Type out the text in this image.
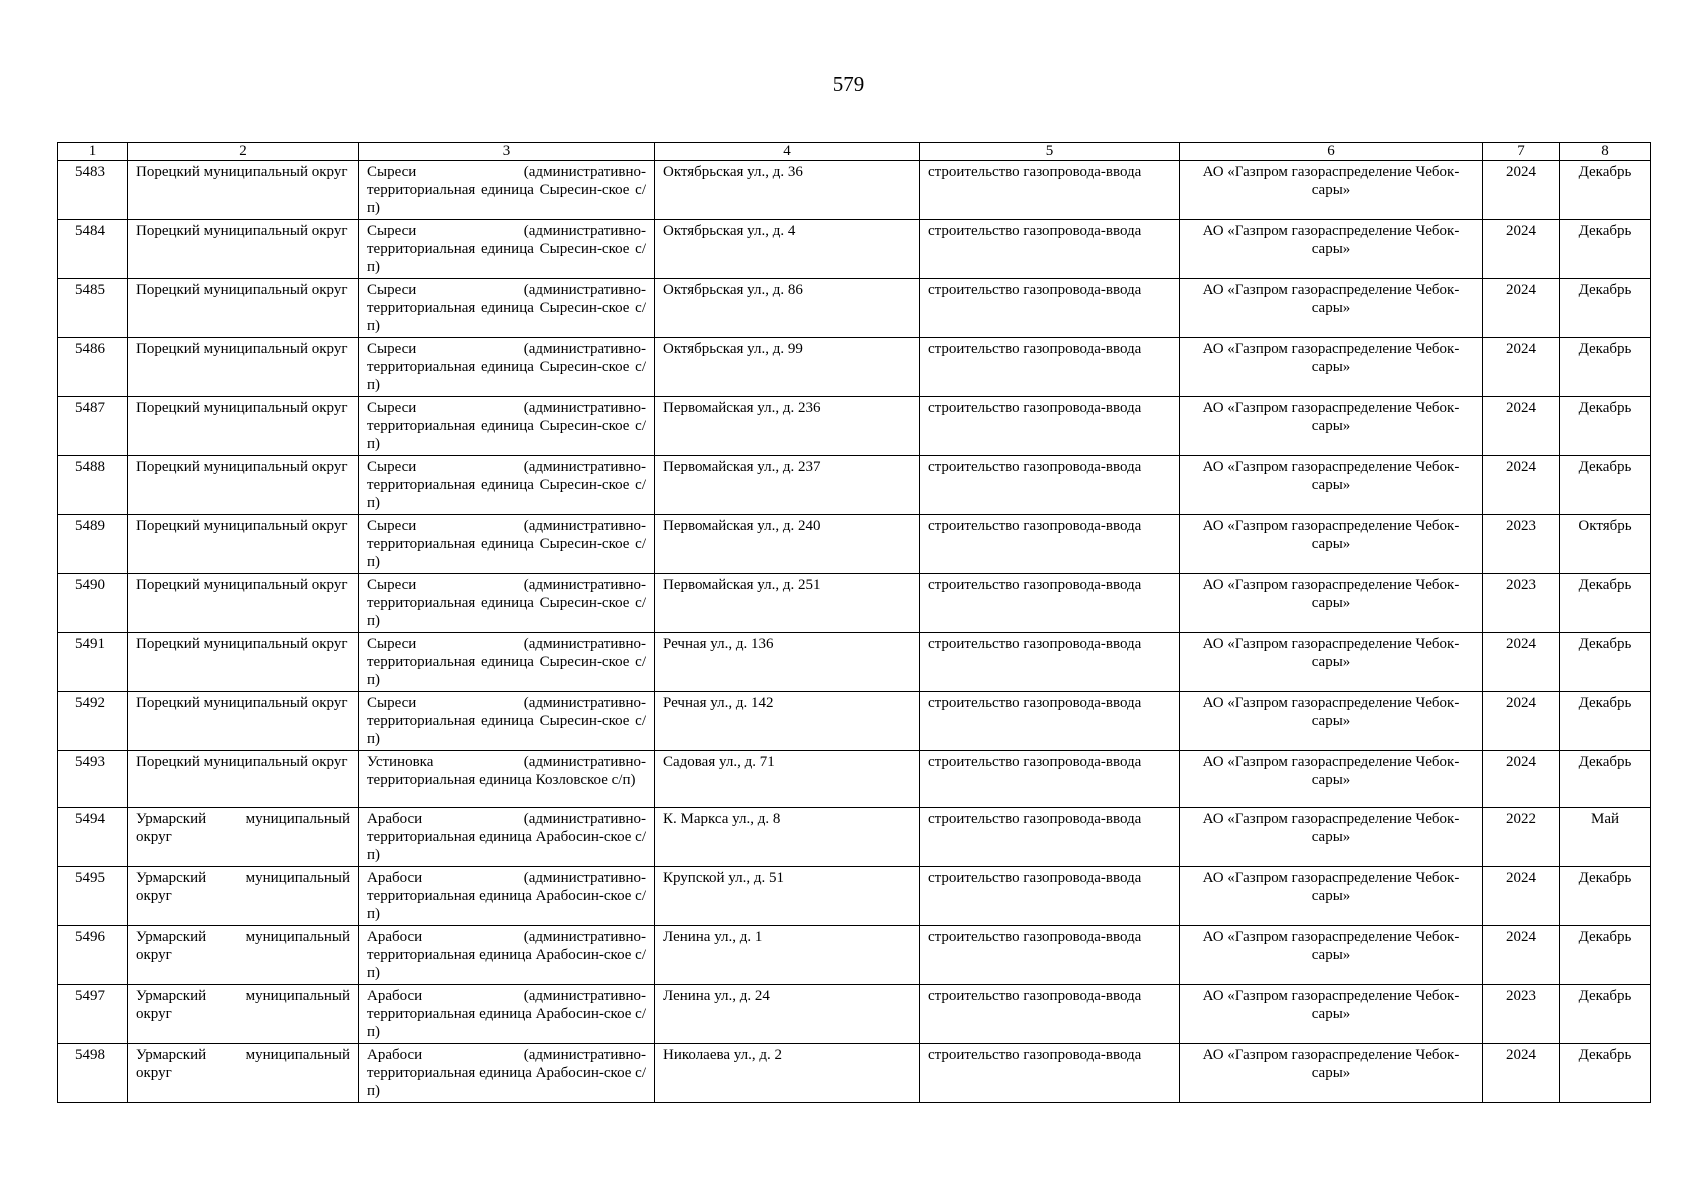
579
1	2	3	4	5	6	7	8
5483	Порецкий муниципальный округ	Сыреси (административно-территориальная единица Сыресин-ское с/п)	Октябрьская ул., д. 36	строительство газопровода-ввода	АО «Газпром газораспределение Чебок-сары»	2024	Декабрь
5484	Порецкий муниципальный округ	Сыреси (административно-территориальная единица Сыресин-ское с/п)	Октябрьская ул., д. 4	строительство газопровода-ввода	АО «Газпром газораспределение Чебок-сары»	2024	Декабрь
5485	Порецкий муниципальный округ	Сыреси (административно-территориальная единица Сыресин-ское с/п)	Октябрьская ул., д. 86	строительство газопровода-ввода	АО «Газпром газораспределение Чебок-сары»	2024	Декабрь
5486	Порецкий муниципальный округ	Сыреси (административно-территориальная единица Сыресин-ское с/п)	Октябрьская ул., д. 99	строительство газопровода-ввода	АО «Газпром газораспределение Чебок-сары»	2024	Декабрь
5487	Порецкий муниципальный округ	Сыреси (административно-территориальная единица Сыресин-ское с/п)	Первомайская ул., д. 236	строительство газопровода-ввода	АО «Газпром газораспределение Чебок-сары»	2024	Декабрь
5488	Порецкий муниципальный округ	Сыреси (административно-территориальная единица Сыресин-ское с/п)	Первомайская ул., д. 237	строительство газопровода-ввода	АО «Газпром газораспределение Чебок-сары»	2024	Декабрь
5489	Порецкий муниципальный округ	Сыреси (административно-территориальная единица Сыресин-ское с/п)	Первомайская ул., д. 240	строительство газопровода-ввода	АО «Газпром газораспределение Чебок-сары»	2023	Октябрь
5490	Порецкий муниципальный округ	Сыреси (административно-территориальная единица Сыресин-ское с/п)	Первомайская ул., д. 251	строительство газопровода-ввода	АО «Газпром газораспределение Чебок-сары»	2023	Декабрь
5491	Порецкий муниципальный округ	Сыреси (административно-территориальная единица Сыресин-ское с/п)	Речная ул., д. 136	строительство газопровода-ввода	АО «Газпром газораспределение Чебок-сары»	2024	Декабрь
5492	Порецкий муниципальный округ	Сыреси (административно-территориальная единица Сыресин-ское с/п)	Речная ул., д. 142	строительство газопровода-ввода	АО «Газпром газораспределение Чебок-сары»	2024	Декабрь
5493	Порецкий муниципальный округ	Устиновка (административно-территориальная единица Козловское с/п)	Садовая ул., д. 71	строительство газопровода-ввода	АО «Газпром газораспределение Чебок-сары»	2024	Декабрь
5494	Урмарский муниципальный округ	Арабоси (административно-территориальная единица Арабосин-ское с/п)	К. Маркса ул., д. 8	строительство газопровода-ввода	АО «Газпром газораспределение Чебок-сары»	2022	Май
5495	Урмарский муниципальный округ	Арабоси (административно-территориальная единица Арабосин-ское с/п)	Крупской ул., д. 51	строительство газопровода-ввода	АО «Газпром газораспределение Чебок-сары»	2024	Декабрь
5496	Урмарский муниципальный округ	Арабоси (административно-территориальная единица Арабосин-ское с/п)	Ленина ул., д. 1	строительство газопровода-ввода	АО «Газпром газораспределение Чебок-сары»	2024	Декабрь
5497	Урмарский муниципальный округ	Арабоси (административно-территориальная единица Арабосин-ское с/п)	Ленина ул., д. 24	строительство газопровода-ввода	АО «Газпром газораспределение Чебок-сары»	2023	Декабрь
5498	Урмарский муниципальный округ	Арабоси (административно-территориальная единица Арабосин-ское с/п)	Николаева ул., д. 2	строительство газопровода-ввода	АО «Газпром газораспределение Чебок-сары»	2024	Декабрь
